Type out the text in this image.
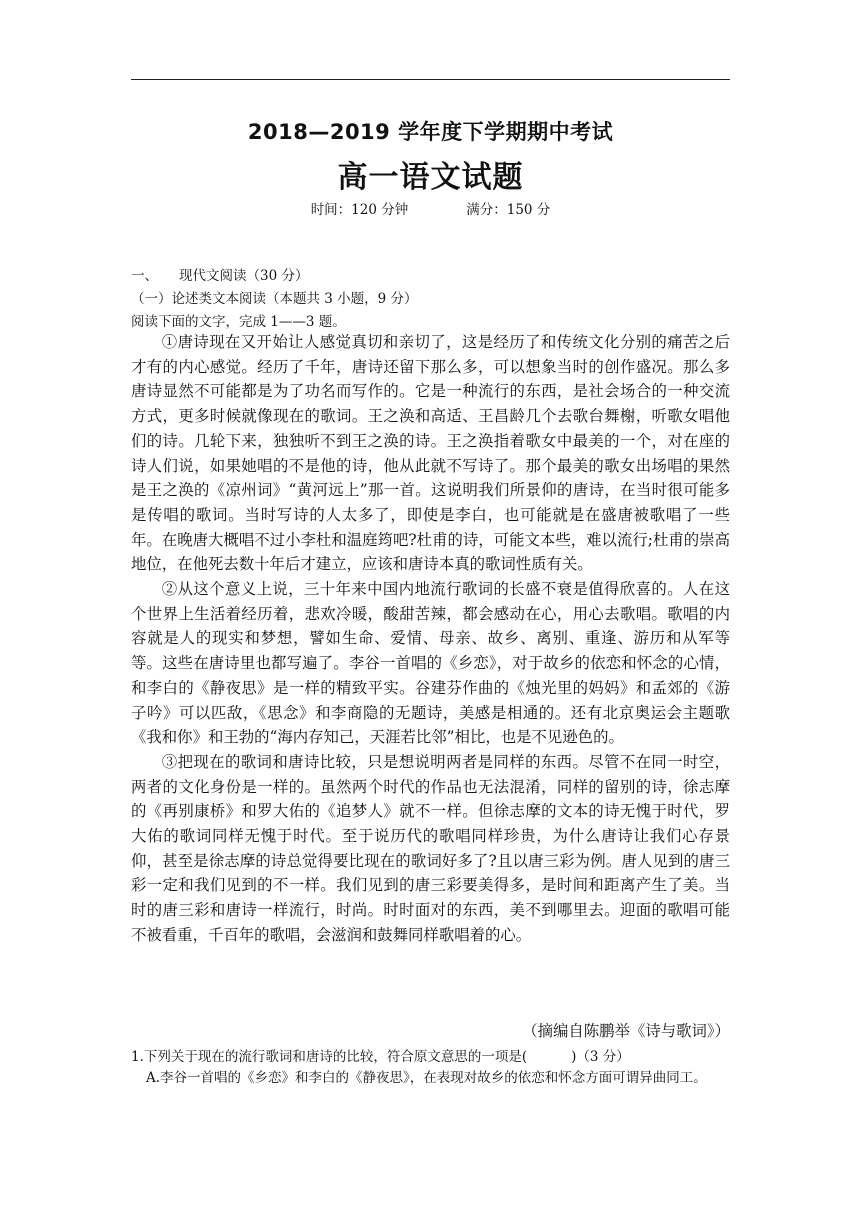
2018—2019 学年度下学期期中考试
高一语文试题
时间：120 分钟	满分：150 分
一、 现代文阅读（30 分）
（一）论述类文本阅读（本题共 3 小题，9 分）
阅读下面的文字，完成 1——3 题。

①唐诗现在又开始让人感觉真切和亲切了，这是经历了和传统文化分别的痛苦之后才有的内心感觉。经历了千年，唐诗还留下那么多，可以想象当时的创作盛况。那么多唐诗显然不可能都是为了功名而写作的。它是一种流行的东西，是社会场合的一种交流方式，更多时候就像现在的歌词。王之涣和高适、王昌龄几个去歌台舞榭，听歌女唱他们的诗。几轮下来，独独听不到王之涣的诗。王之涣指着歌女中最美的一个，对在座的诗人们说，如果她唱的不是他的诗，他从此就不写诗了。那个最美的歌女出场唱的果然是王之涣的《凉州词》“黄河远上”那一首。这说明我们所景仰的唐诗，在当时很可能多是传唱的歌词。当时写诗的人太多了，即使是李白，也可能就是在盛唐被歌唱了一些年。在晚唐大概唱不过小李杜和温庭筠吧?杜甫的诗，可能文本些，难以流行;杜甫的崇高地位，在他死去数十年后才建立，应该和唐诗本真的歌词性质有关。

②从这个意义上说，三十年来中国内地流行歌词的长盛不衰是值得欣喜的。人在这个世界上生活着经历着，悲欢冷暖，酸甜苦辣，都会感动在心，用心去歌唱。歌唱的内容就是人的现实和梦想，譬如生命、爱情、母亲、故乡、离别、重逢、游历和从军等等。这些在唐诗里也都写遍了。李谷一首唱的《乡恋》，对于故乡的依恋和怀念的心情，和李白的《静夜思》是一样的精致平实。谷建芬作曲的《烛光里的妈妈》和孟郊的《游子吟》可以匹敌，《思念》和李商隐的无题诗，美感是相通的。还有北京奥运会主题歌《我和你》和王勃的“海内存知己，天涯若比邻”相比，也是不见逊色的。

③把现在的歌词和唐诗比较，只是想说明两者是同样的东西。尽管不在同一时空，两者的文化身份是一样的。虽然两个时代的作品也无法混淆，同样的留别的诗，徐志摩的《再别康桥》和罗大佑的《追梦人》就不一样。但徐志摩的文本的诗无愧于时代，罗大佑的歌词同样无愧于时代。至于说历代的歌唱同样珍贵，为什么唐诗让我们心存景仰，甚至是徐志摩的诗总觉得要比现在的歌词好多了?且以唐三彩为例。唐人见到的唐三彩一定和我们见到的不一样。我们见到的唐三彩要美得多，是时间和距离产生了美。当时的唐三彩和唐诗一样流行，时尚。时时面对的东西，美不到哪里去。迎面的歌唱可能不被看重，千百年的歌唱，会滋润和鼓舞同样歌唱着的心。

（摘编自陈鹏举《诗与歌词》）
1.下列关于现在的流行歌词和唐诗的比较，符合原文意思的一项是(	)（3 分）

A.李谷一首唱的《乡恋》和李白的《静夜思》，在表现对故乡的依恋和怀念方面可谓异曲同工。
